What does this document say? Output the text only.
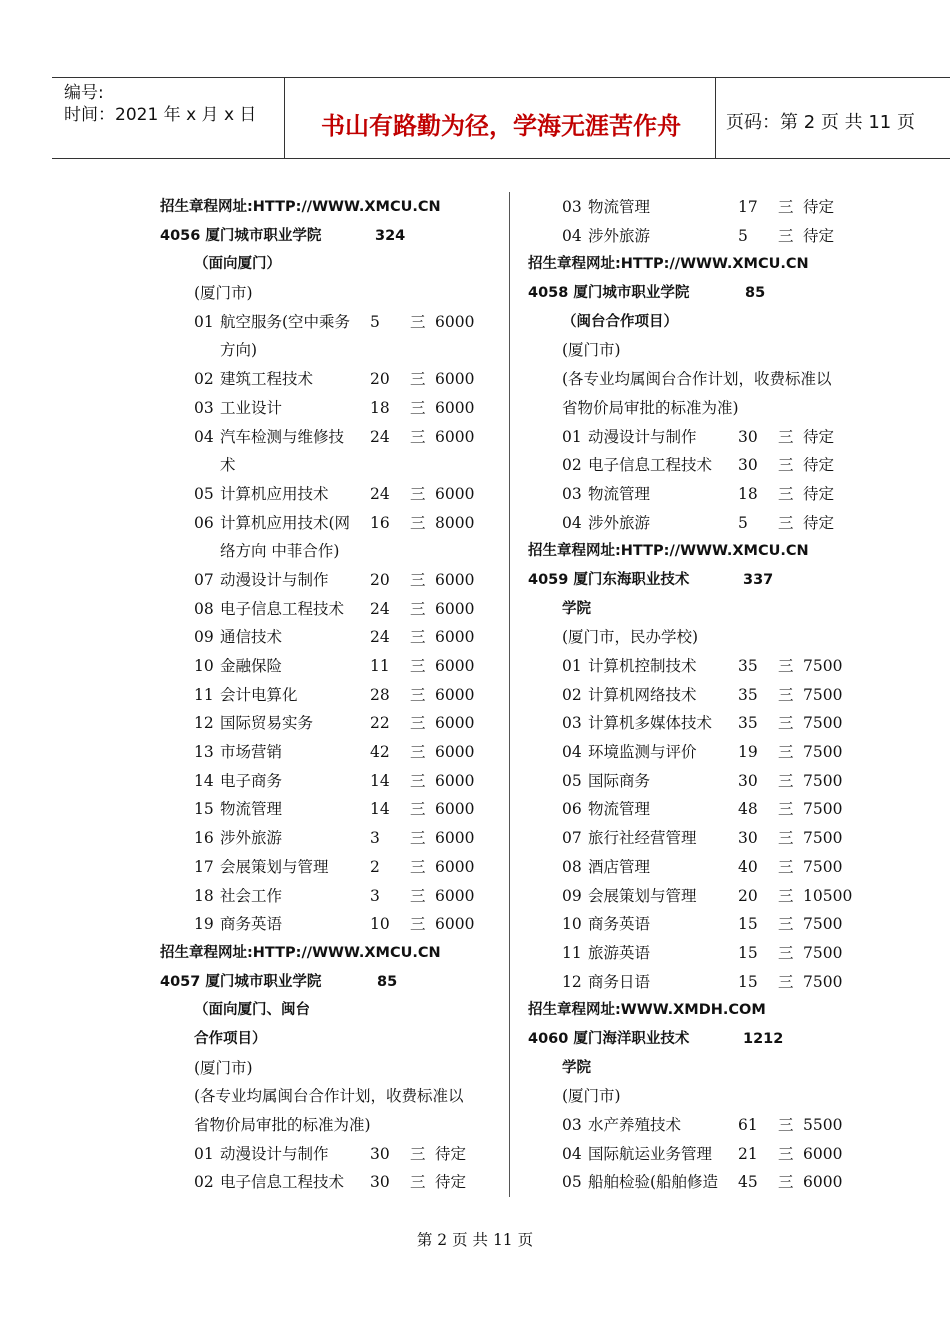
编号:
时间：2021 年 x 月 x 日	书山有路勤为径，学海无涯苦作舟	页码：第 2 页 共 11 页
招生章程网址:HTTP://WWW.XMCU.CN
4056 厦门城市职业学院	324
（面向厦门）
(厦门市)
01 航空服务(空中乘务 5 三 6000
方向)
02 建筑工程技术	20 三 6000
03 工业设计	18 三 6000
04 汽车检测与维修技 24 三 6000
术
05 计算机应用技术	24 三 6000
06 计算机应用技术(网 16 三 8000
络方向 中菲合作)
07 动漫设计与制作	20 三 6000
08 电子信息工程技术 24 三 6000
09 通信技术	24 三 6000
10 金融保险	11 三 6000
11 会计电算化	28 三 6000
12 国际贸易实务	22 三 6000
13 市场营销	42 三 6000
14 电子商务	14 三 6000
15 物流管理	14 三 6000
16 涉外旅游	3 三 6000
17 会展策划与管理	2 三 6000
18 社会工作	3 三 6000
19 商务英语	10 三 6000
招生章程网址:HTTP://WWW.XMCU.CN
4057 厦门城市职业学院	85
（面向厦门、闽台
合作项目）
(厦门市)
(各专业均属闽台合作计划，收费标准以
省物价局审批的标准为准)
01 动漫设计与制作	30 三 待定
02 电子信息工程技术 30 三 待定
03 物流管理	17 三 待定
04 涉外旅游	5 三 待定
招生章程网址:HTTP://WWW.XMCU.CN
4058 厦门城市职业学院	85
（闽台合作项目）
(厦门市)
(各专业均属闽台合作计划，收费标准以
省物价局审批的标准为准)
01 动漫设计与制作	30 三 待定
02 电子信息工程技术 30 三 待定
03 物流管理	18 三 待定
04 涉外旅游	5 三 待定
招生章程网址:HTTP://WWW.XMCU.CN
4059 厦门东海职业技术	337
学院
(厦门市，民办学校)
01 计算机控制技术	35 三 7500
02 计算机网络技术	35 三 7500
03 计算机多媒体技术 35 三 7500
04 环境监测与评价	19 三 7500
05 国际商务	30 三 7500
06 物流管理	48 三 7500
07 旅行社经营管理	30 三 7500
08 酒店管理	40 三 7500
09 会展策划与管理	20 三 10500
10 商务英语	15 三 7500
11 旅游英语	15 三 7500
12 商务日语	15 三 7500
招生章程网址:WWW.XMDH.COM
4060 厦门海洋职业技术	1212
学院
(厦门市)
03 水产养殖技术	61 三 5500
04 国际航运业务管理 21 三 6000
05 船舶检验(船舶修造 45 三 6000
第 2 页 共 11 页
